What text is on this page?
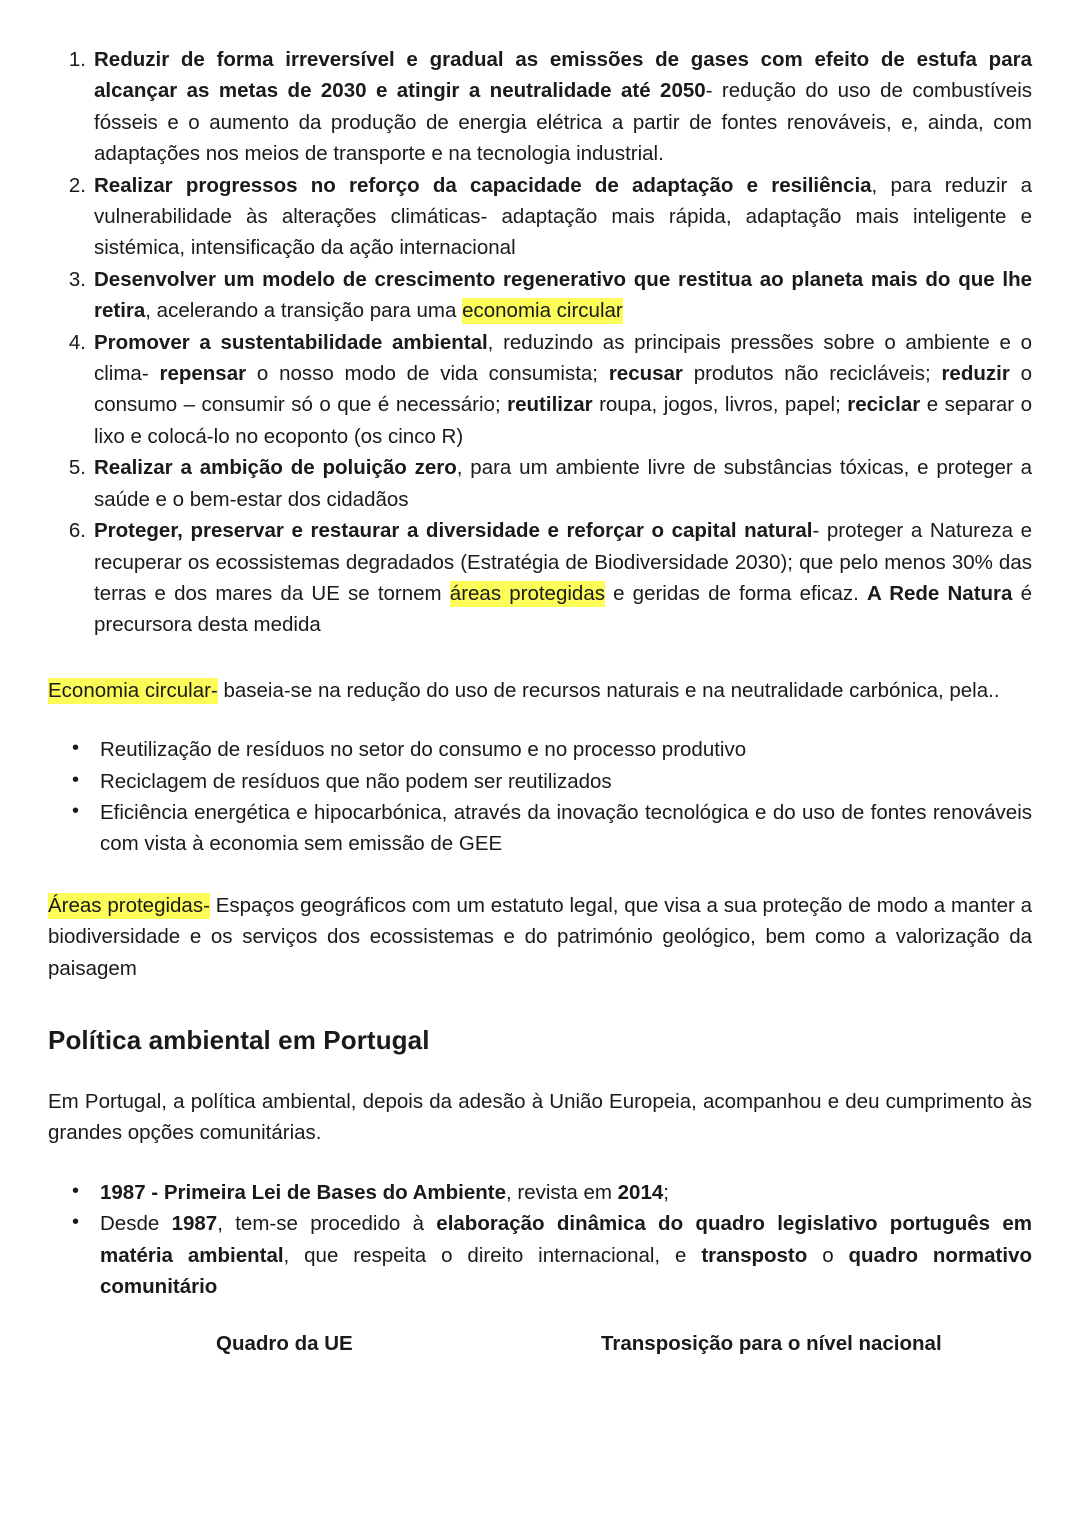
Reduzir de forma irreversível e gradual as emissões de gases com efeito de estufa para alcançar as metas de 2030 e atingir a neutralidade até 2050- redução do uso de combustíveis fósseis e o aumento da produção de energia elétrica a partir de fontes renováveis, e, ainda, com adaptações nos meios de transporte e na tecnologia industrial.
Realizar progressos no reforço da capacidade de adaptação e resiliência, para reduzir a vulnerabilidade às alterações climáticas- adaptação mais rápida, adaptação mais inteligente e sistémica, intensificação da ação internacional
Desenvolver um modelo de crescimento regenerativo que restitua ao planeta mais do que lhe retira, acelerando a transição para uma economia circular
Promover a sustentabilidade ambiental, reduzindo as principais pressões sobre o ambiente e o clima- repensar o nosso modo de vida consumista; recusar produtos não recicláveis; reduzir o consumo – consumir só o que é necessário; reutilizar roupa, jogos, livros, papel; reciclar e separar o lixo e colocá-lo no ecoponto (os cinco R)
Realizar a ambição de poluição zero, para um ambiente livre de substâncias tóxicas, e proteger a saúde e o bem-estar dos cidadãos
Proteger, preservar e restaurar a diversidade e reforçar o capital natural- proteger a Natureza e recuperar os ecossistemas degradados (Estratégia de Biodiversidade 2030); que pelo menos 30% das terras e dos mares da UE se tornem áreas protegidas e geridas de forma eficaz. A Rede Natura é precursora desta medida

Economia circular- baseia-se na redução do uso de recursos naturais e na neutralidade carbónica, pela..

• Reutilização de resíduos no setor do consumo e no processo produtivo
• Reciclagem de resíduos que não podem ser reutilizados
• Eficiência energética e hipocarbónica, através da inovação tecnológica e do uso de fontes renováveis com vista à economia sem emissão de GEE

Áreas protegidas- Espaços geográficos com um estatuto legal, que visa a sua proteção de modo a manter a biodiversidade e os serviços dos ecossistemas e do património geológico, bem como a valorização da paisagem

Política ambiental em Portugal

Em Portugal, a política ambiental, depois da adesão à União Europeia, acompanhou e deu cumprimento às grandes opções comunitárias.

• 1987 - Primeira Lei de Bases do Ambiente, revista em 2014;
• Desde 1987, tem-se procedido à elaboração dinâmica do quadro legislativo português em matéria ambiental, que respeita o direito internacional, e transposto o quadro normativo comunitário
Quadro da UE	Transposição para o nível nacional
